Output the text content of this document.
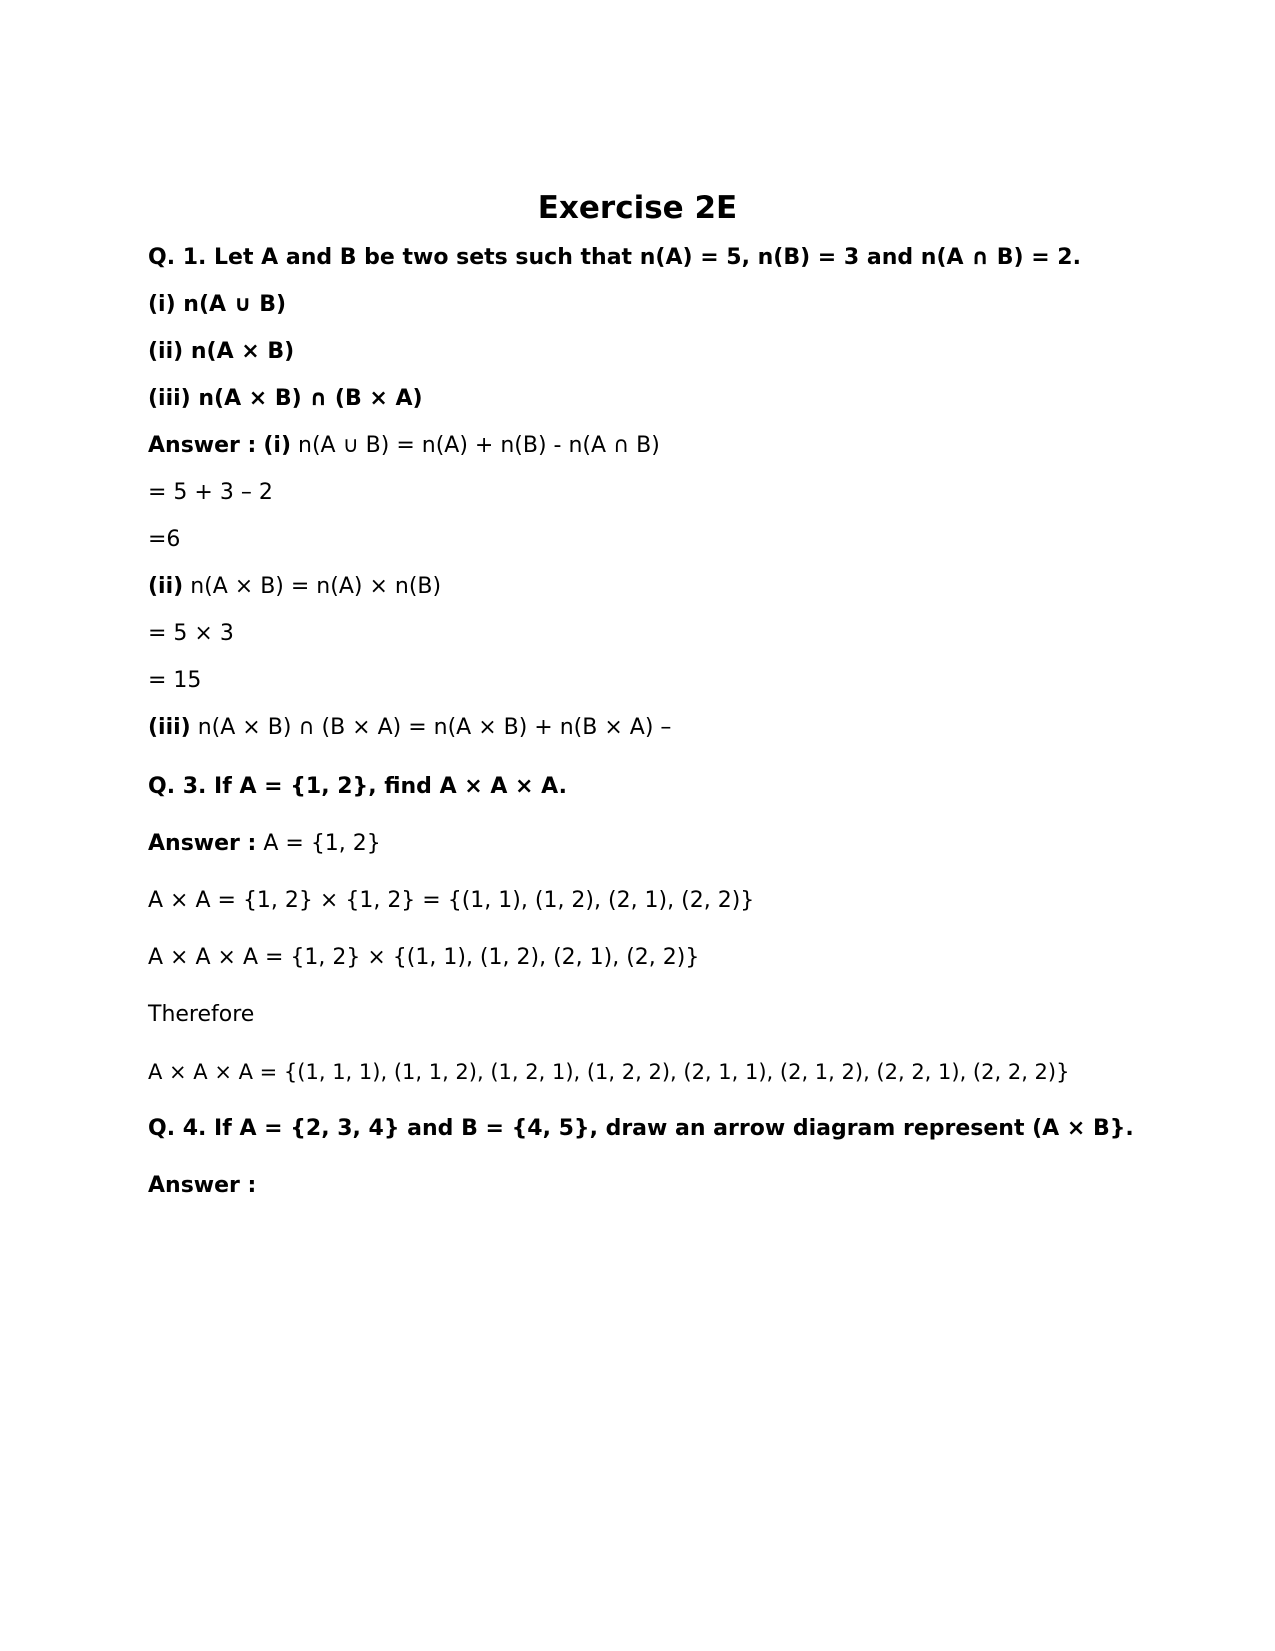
Exercise 2E
Q. 1. Let A and B be two sets such that n(A) = 5, n(B) = 3 and n(A ∩ B) = 2.
(i) n(A ∪ B)
(ii) n(A × B)
(iii) n(A × B) ∩ (B × A)
Answer : (i) n(A ∪ B) = n(A) + n(B) - n(A ∩ B)
= 5 + 3 – 2
=6
(ii) n(A × B) = n(A) × n(B)
= 5 × 3
= 15
(iii) n(A × B) ∩ (B × A) = n(A × B) + n(B × A) –
Q. 3. If A = {1, 2}, find A × A × A.
Answer : A = {1, 2}
A × A = {1, 2} × {1, 2} = {(1, 1), (1, 2), (2, 1), (2, 2)}
A × A × A = {1, 2} × {(1, 1), (1, 2), (2, 1), (2, 2)}
Therefore
A × A × A = {(1, 1, 1), (1, 1, 2), (1, 2, 1), (1, 2, 2), (2, 1, 1), (2, 1, 2), (2, 2, 1), (2, 2, 2)}
Q. 4. If A = {2, 3, 4} and B = {4, 5}, draw an arrow diagram represent (A × B}.
Answer :
